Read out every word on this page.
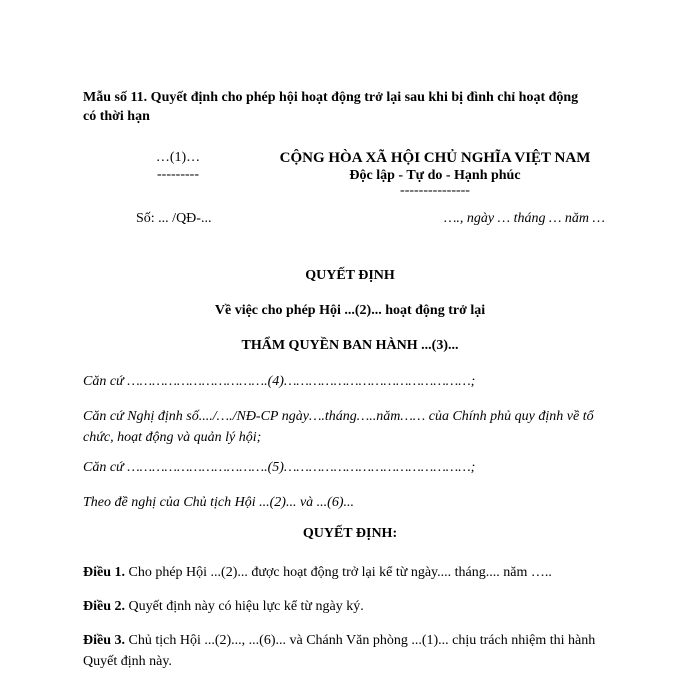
Mẫu số 11. Quyết định cho phép hội hoạt động trở lại sau khi bị đình chỉ hoạt động
có thời hạn
…(1)…
---------
CỘNG HÒA XÃ HỘI CHỦ NGHĨA VIỆT NAM
Độc lập - Tự do - Hạnh phúc
---------------
Số: ... /QĐ-...	…., ngày … tháng … năm …
QUYẾT ĐỊNH
Về việc cho phép Hội ...(2)... hoạt động trở lại
THẨM QUYỀN BAN HÀNH ...(3)...
Căn cứ …………………………….(4)………………………………………;
Căn cứ Nghị định số..../…./NĐ-CP ngày….tháng…..năm…… của Chính phủ quy định về tổ chức, hoạt động và quản lý hội;
Căn cứ …………………………….(5)………………………………………;
Theo đề nghị của Chủ tịch Hội ...(2)... và ...(6)...
QUYẾT ĐỊNH:
Điều 1. Cho phép Hội ...(2)... được hoạt động trở lại kể từ ngày.... tháng.... năm …..
Điều 2. Quyết định này có hiệu lực kể từ ngày ký.
Điều 3. Chủ tịch Hội ...(2)..., ...(6)... và Chánh Văn phòng ...(1)... chịu trách nhiệm thi hành Quyết định này.
